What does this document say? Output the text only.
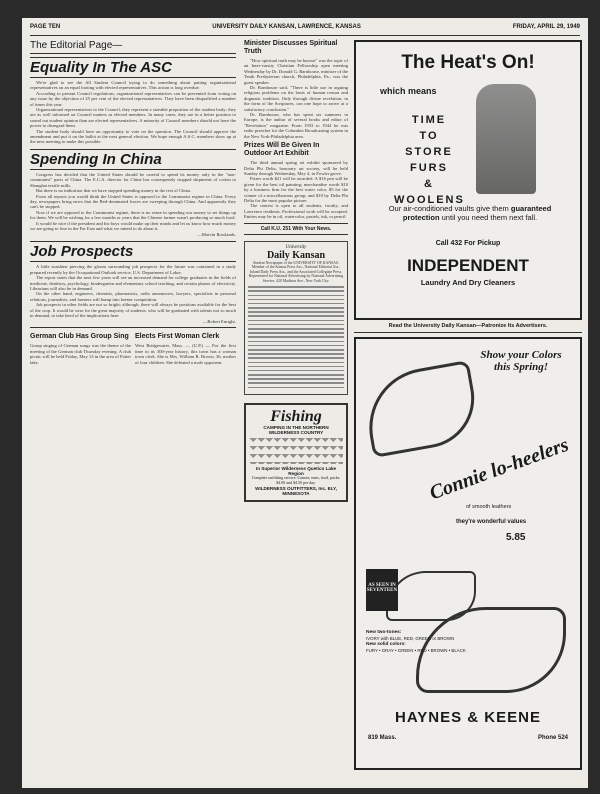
PAGE TEN	UNIVERSITY DAILY KANSAN, LAWRENCE, KANSAS	FRIDAY, APRIL 29, 1949
The Editorial Page—
Equality In The ASC

We're glad to see the All Student Council trying to do something about putting organizational representatives on an equal footing with elected representatives. This action is long overdue.

According to present Council regulations, organizational representatives can be prevented from voting on any issue by the objection of 25 per cent of the elected representatives. They have been disqualified a number of times this year.

Organizational representatives to the Council, they represent a sizeable proportion of the student body; they are as well informed on Council matters as elected members. In many cases, they are in a better position to sound out student opinion than are elected representatives. A minority of Council members should not have the power to disregard them.

The student body should have an opportunity to vote on the question. The Council should approve the amendment and put it on the ballot at the next general election. We hope enough A.S.C. members show up at the next meeting to make this possible.

Spending In China

Congress has decided that the United States should be careful to spend its money only in the "non-communist" parts of China. The E.C.A. director for China has consequently stopped shipments of cotton to Shanghai textile mills.

But there is no indication that we have stopped spending money in the rest of China.

From all reports you would think the United States is opposed to the Communist regime in China. Every day, newspapers bring news that the Red-dominated forces are sweeping through China. And apparently they can't be stopped.

Now if we are opposed to the Communist regime, there is no sense in spending our money to set things up for them. We will be wishing for a few months or years that the Chinese farmer wasn't producing so much food.

It would be nice if the president and his boys would make up their minds and let us know how much money we are going to lose in the Far East and what we intend to do about it.

—Marvin Rowlands.
Job Prospects

A little sunshine piercing the gloom surrounding job prospects for the future was contained in a study prepared recently by the Occupational Outlook service, U.S. Department of Labor.

The report states that the next few years will see an increased demand for college graduates in the fields of medicine, dentistry, psychology, kindergarten and elementary school teaching, and certain phases of electricity. Librarians will also be in demand.

On the other hand, engineers, chemists, pharmacists, radio announcers, lawyers, specialists in personal relations, journalists, and farmers will bump into keener competition.

Job prospects in other fields are not so bright; although, there will always be positions available for the best of the crop. It would be wise for the great majority of students, who will be graduated with talents not so much in demand, to take heed of the implications here.

—Robert Enright.
German Club Has Group Sing
Group singing of German songs was the theme of the meeting of the German club Thursday evening. A club picnic will be held Friday, May 13 in the area of Potter lake.
Elects First Woman Clerk
West Bridgewater, Mass. — (U.P.) — For the first time in its 300-year history, this town has a woman town clerk. She is Mrs. William R. Brown, 36, mother of four children. She defeated a male opponent.
Minister Discusses Spiritual Truth

"How spiritual truth may be known" was the topic of an Inter-varsity Christian Fellowship open meeting Wednesday by Dr. Donald G. Barnhouse, minister of the Tenth Presbyterian church, Philadelphia, Pa., was the guest speaker.

Dr. Barnhouse said, "There is little use in arguing religious problems on the basis of human reason and dogmatic tradition. Only through divine revelation, in the form of the Scriptures, can one hope to arrive at a satisfactory conclusion."

Dr. Barnhouse, who has spent six summers in Europe, is the author of several books and editor of "Revelation" magazine. From 1933 to 1944 he was radio preacher for the Columbia Broadcasting system in the New York-Philadelphia area.

Prizes Will Be Given In Outdoor Art Exhibit

The third annual spring art exhibit sponsored by Delta Phi Delta, honorary art society, will be held Sunday through Wednesday, May 4, in Fowler grove.

Prizes worth $21 will be awarded. A $16 pen will be given for the best oil painting; merchandise worth $10 by a business firm for the best water color, $5 for the winner of a miscellaneous group, and $10 by Delta Phi Delta for the most popular picture.

The contest is open to all students, faculty, and Lawrence residents. Professional work will be accepted. Entries may be in oil, watercolor, pastels, ink, or pencil.

Call K.U. 251 With Your News.
University
Daily Kansan
Student Newspaper of the UNIVERSITY OF KANSAS. Member of the Kansas Press Ass., National Editorial Ass., Inland Daily Press Ass., and the Associated Collegiate Press. Represented for National Advertising by National Advertising Service, 420 Madison Ave., New York City.
Fishing
CAMPING IN THE NORTHERN WILDERNESS COUNTRY
In Superior Wilderness Quetico Lake Region
Complete outfitting service. Canoes, tents, food, packs. $4.00 and $4.50 per day.
WILDERNESS OUTFITTERS, Inc. ELY, MINNESOTA
The Heat's On!
which means
TIME
TO
STORE
FURS
&
WOOLENS
Our air-conditioned vaults give them guaranteed protection until you need them next fall.
Call 432 For Pickup
INDEPENDENT
Laundry And Dry Cleaners
Read the University Daily Kansan—Patronize Its Advertisers.
Show your Colors this Spring!
Connie lo-heelers
of smooth leathers
they're wonderful values
5.85
AS SEEN IN SEVENTEEN
New two-tones:
IVORY with BLUE, RED, GREEN or BROWN
New solid colors:
FURY • GRAY • GREEN • RED • BROWN • BLACK
HAYNES & KEENE
819 Mass.	Phone 524
